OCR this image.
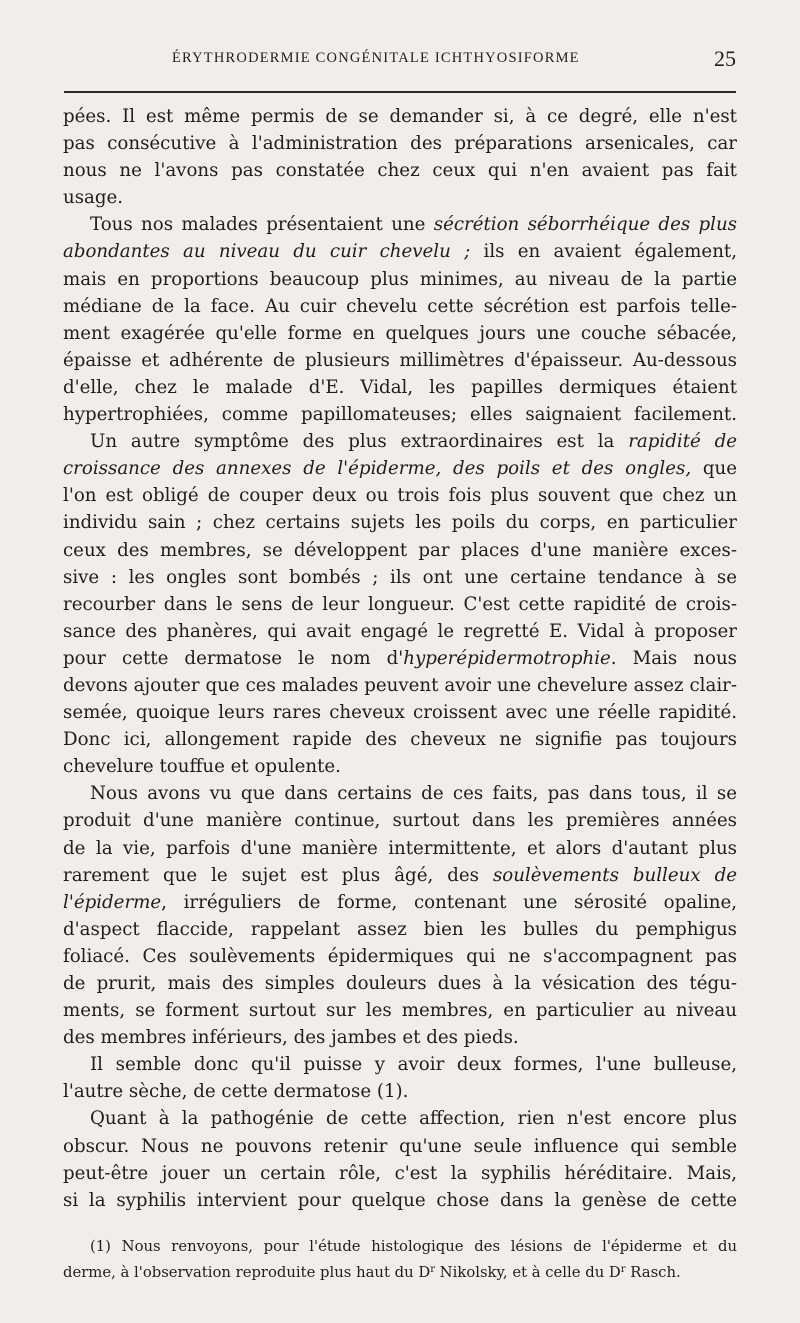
ÉRYTHRODERMIE CONGÉNITALE ICHTHYOSIFORME	25
pées. Il est même permis de se demander si, à ce degré, elle n'est
pas consécutive à l'administration des préparations arsenicales, car
nous ne l'avons pas constatée chez ceux qui n'en avaient pas fait
usage.
Tous nos malades présentaient une sécrétion séborrhéique des plus
abondantes au niveau du cuir chevelu ; ils en avaient également,
mais en proportions beaucoup plus minimes, au niveau de la partie
médiane de la face. Au cuir chevelu cette sécrétion est parfois telle-
ment exagérée qu'elle forme en quelques jours une couche sébacée,
épaisse et adhérente de plusieurs millimètres d'épaisseur. Au-dessous
d'elle, chez le malade d'E. Vidal, les papilles dermiques étaient
hypertrophiées, comme papillomateuses; elles saignaient facilement.
Un autre symptôme des plus extraordinaires est la rapidité de
croissance des annexes de l'épiderme, des poils et des ongles, que
l'on est obligé de couper deux ou trois fois plus souvent que chez un
individu sain ; chez certains sujets les poils du corps, en particulier
ceux des membres, se développent par places d'une manière exces-
sive : les ongles sont bombés ; ils ont une certaine tendance à se
recourber dans le sens de leur longueur. C'est cette rapidité de crois-
sance des phanères, qui avait engagé le regretté E. Vidal à proposer
pour cette dermatose le nom d'hyperépidermotrophie. Mais nous
devons ajouter que ces malades peuvent avoir une chevelure assez clair-
semée, quoique leurs rares cheveux croissent avec une réelle rapidité.
Donc ici, allongement rapide des cheveux ne signifie pas toujours
chevelure touffue et opulente.
Nous avons vu que dans certains de ces faits, pas dans tous, il se
produit d'une manière continue, surtout dans les premières années
de la vie, parfois d'une manière intermittente, et alors d'autant plus
rarement que le sujet est plus âgé, des soulèvements bulleux de
l'épiderme, irréguliers de forme, contenant une sérosité opaline,
d'aspect flaccide, rappelant assez bien les bulles du pemphigus
foliacé. Ces soulèvements épidermiques qui ne s'accompagnent pas
de prurit, mais des simples douleurs dues à la vésication des tégu-
ments, se forment surtout sur les membres, en particulier au niveau
des membres inférieurs, des jambes et des pieds.
Il semble donc qu'il puisse y avoir deux formes, l'une bulleuse,
l'autre sèche, de cette dermatose (1).
Quant à la pathogénie de cette affection, rien n'est encore plus
obscur. Nous ne pouvons retenir qu'une seule influence qui semble
peut-être jouer un certain rôle, c'est la syphilis héréditaire. Mais,
si la syphilis intervient pour quelque chose dans la genèse de cette
(1) Nous renvoyons, pour l'étude histologique des lésions de l'épiderme et du
derme, à l'observation reproduite plus haut du $D^r$ Nikolsky, et à celle du $D^r$ Rasch.
